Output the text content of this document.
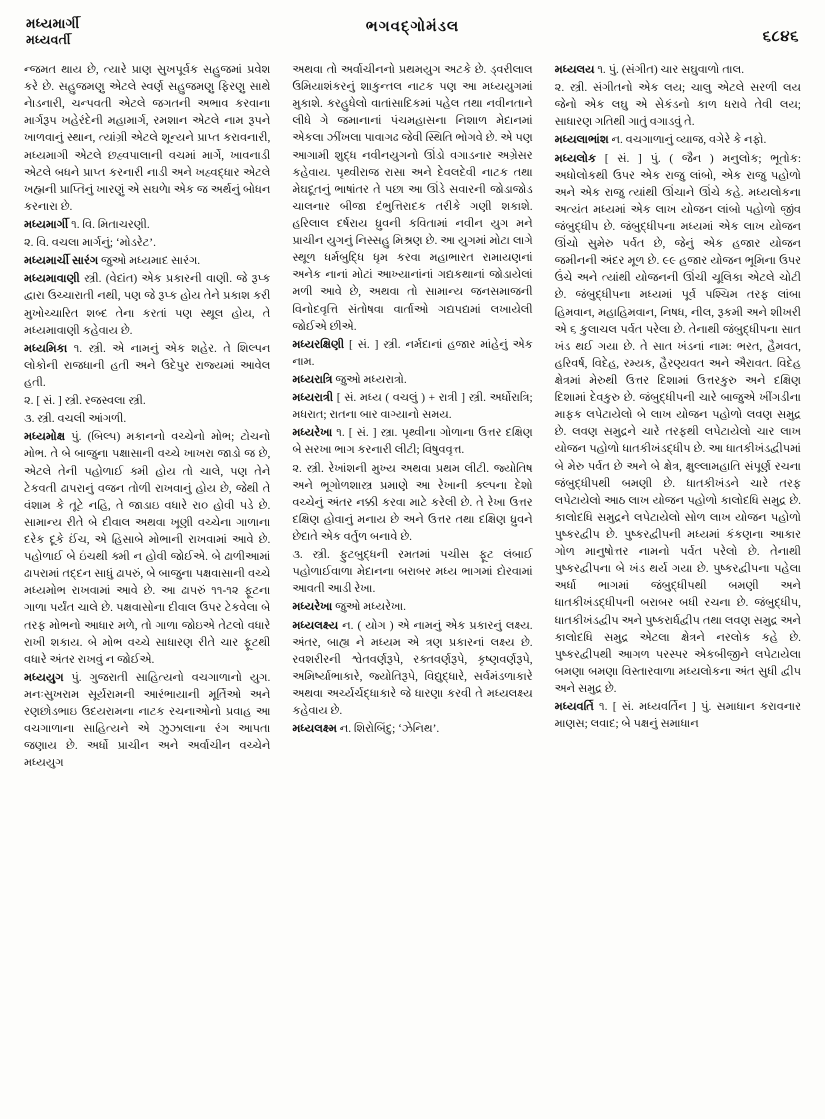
મધ્યમાર્ગી
મધ્યવર્તી
ભગવદ્ગોમંડલ
૬૮૪૬

ન્જમત થાય છે, ત્યારે પ્રાણ સુખપૂર્વક સહુજમાં પ્રવેશ કરે છે. સહુજમણુ એટલે સ્વર્ણ સહુજમણુ ફિરણુ સાથે નેાડનારી, ચન્પવતી એટલે જગતની અભાવ કરવાના માર્ગરૂપ ખહેરંદેની મહામાર્ગ, રમશાન એટલે નામ રૂપને ખાળવાનું સ્થાન, ત્યાંગ્રી એટલે શૂન્યને પ્રાપ્ત કરાવનારી, મધ્યમાગી એટલે છહ્વપાલાની વચમાં માર્ગે, ખાવનાડી એટલે બધને પ્રાપ્ત કરનારી નાડી અને ખહ્વદ્ધાર એટલે ખહ્મની પ્રાપ્તિનું ખારણું એ સઘળાે એક જ અર્થનું બોધન કરનારા છે.

મધ્યમાર્ગી ૧. વિ. મિતાચરણી.

૨. વિ. વચલા માર્ગનું; ‘મોડરેટ’.

મધ્યમાર્ચી સારંગ જુઓ મધ્યમાદ સારંગ.

મધ્યમાવાણી સ્ત્રી. (વેદાંત) એક પ્રકારની વાણી. જે રૂપ્ક દ્વારા ઉચ્ચારાતી નથી, પણ જે રૂપ્ક હોય તેને પ્રકાશ કરી મુખોચ્ચારિત શબ્દ તેના કરતાં પણ સ્થૂલ હોય, તે મધ્યમાવાણી કહેવાય છે.

મધ્યમિકા ૧. સ્ત્રી. એ નામનું એક શહેર. તે શિલ્પન લોકોની રાજધાની હતી અને ઉદેપુર રાજ્યમાં આવેલ હતી.

૨. [ સં. ] સ્ત્રી. રજસ્વલા સ્ત્રી.

૩. સ્ત્રી. વચલી આંગળી.

મધ્યમોક્ષ પું. (બિલ્પ) મકાનનો વચ્ચેનો મોભ; ટોચનો મોભ. તે બે બાજુના પક્ષાસાની વચ્ચે ખાખરા જાડો જ છે, એટલે તેની પહોળાઈ ક્મી હોય તો ચાલે, પણ તેને ટેકવતી ઢાપરાનું વજન તોળી રાખવાનું હોય છે, જેથી તે વંશામ કે તૂટે નહિ, તે જાડાઇ વધારે રા૦ હોવી પડે છે. સામાન્ય રીતે બે દીવાલ અથવા ખૂણી વચ્ચેના ગાળાના દરેક દૂકે ઈંચ, એ હિસાબે મોભાની રાખવામાં આવે છે. પહોળાઈ બે ઇંચથી ક્મી ન હોવી જોઈએ. બે ઢાળીઆમાં ઢાપરામાં તદ્દન સાધું ઢાપરું, બે બાજુના પક્ષવાસાની વચ્ચે મધ્યમોભ રાખવામાં આવે છે. આ ઢાપરું ૧૧-૧૨ ફૂટના ગાળા પર્યંત ચાલે છે. પક્ષવાસોના દીવાલ ઉપર ટેકવેલા બે તરફ મોભનો આધાર મળે, તો ગાળા જોઇએ તેટલો વધારે રાખી શકાય. બે મોભ વચ્ચે સાધારણ રીતે ચાર ફૂટથી વધારે અંતર રાખવું ન જોઈએ.

મધ્યયુગ પું. ગુજરાતી સાહિત્યનો વચગાળાનો યુગ. મનઃસુખરામ સૂર્યરામની આરંભાયાની મૂર્તિઓ અને રણછોડભાઇ ઉદયરામના નાટક રચનાઓનો પ્રવાહ આ વચગાળાના સાહિત્યને એ ઝુઝાલાના રંગ આપતા જણાય છે. અર્ધો પ્રાચીન અને અર્વાચીન વચ્ચેને મધ્યયુગ

અથવા તો અર્વાચીનનો પ્રથમયુગ અટકે છે. ડ્વરીલાલ ઉમિયાશંકરનું શાકુન્તલ નાટક પણ આ મધ્યયુગમાં મુકાશે. કરહુધેલો વાતાંસાદિકમાં પહેલ તથા નવીનતાને લીધે ગે જમાનાનાં પંચમહાસના નિશાળ મેદાનમાં એકલા ઝીંખલા પાવાગઢ જેવી સ્થિતિ ભોગવે છે. એ પણ આગામી શુદ્ધ નવીનયુગનો ઊંડો વગાડનાર અગ્રેસર કહેવાય. પૃથ્વીરાજ રાસા અને દેવલદેવી નાટક તથા મેઘદૂતનું ભાષાંતર તે પછા આ ઊંડે સવારની જોડાજોડ ચાલનાર બીજા દંભુત્તિરાદક તરીકે ગણી શકાશે. હરિલાલ દર્ષરાય ધ્રુવની કવિતામાં નવીન યુગ મને પ્રાચીન યુગનું નિસ્સહુ મિશ્રણ છે. આ યુગમાં મોટા લાગે સ્થૂળ ધર્મબુદ્ધિ ધૃમ કરવા મહાભારત રામાયણનાં અનેક નાનાં મોટાં આખ્યાનાંનાં ગદ્યકથાનાં જોડાયેલાં મળી આવે છે, અથવા તો સામાન્ય જનસમાજની વિનોદવૃત્તિ સંતોષવા વાર્તાઓ ગદ્યપદ્યમાં લખાયેલી જોઈએ છીએ.

મધ્યરક્ષિણી [ સં. ] સ્ત્રી. નર્મદાનાં હજાર માંહેનું એક નામ.

મધ્યરાત્રિ જુઓ મધ્યરાત્રો.

મધ્યરાત્રી [ સં. મધ્ય ( વચલું ) + રાત્રી ] સ્ત્રી. અર્ધોરાત્રિ; મધરાત; રાતના બાર વાગ્યાનો સમય.

મધ્યરેખા ૧. [ સં. ] સ્ત્રા. પૃથ્વીના ગોળાના ઉત્તર દક્ષિણ બે સરખા ભાગ કરનારી લીટી; વિષુવવૃત્ત.

૨. સ્ત્રી. રેખાંશની મુખ્ય અથવા પ્રથમ લીટી. જ્યોતિષ અને ભૂગોળશાસ્ત્ર પ્રમાણે આ રેખાની ક્લ્પના દેશો વચ્ચેનું અંતર નક્કી કરવા માટે કરેલી છે. તે રેખા ઉત્તર દક્ષિણ હોવાનું મનાય છે અને ઉત્તર તથા દક્ષિણ ધ્રુવને છેદાતે એક વર્તુળ બનાવે છે.

૩. સ્ત્રી. ફુટબુદ્ધની રમતમાં પચીસ ફૂટ લંબાઈ પહોળાઈવાળા મેદાનના બરાબર મધ્ય ભાગમાં દોરવામાં આવતી આડી રેખા.

મધ્યરેખા જુઓ મધ્યરેખા.

મધ્યલક્ષ્ય ન. ( યોગ ) એ નામનું એક પ્રકારનું લક્ષ્ય. અંતર, બાહ્ય ને મધ્યમ એ ત્રણ પ્રકારનાં લક્ષ્ય છે. રવશરીરની શ્વેતવર્ણરૂપે, રક્તવર્ણરૂપે, કૃષ્ણવર્ણરૂપે, અમિર્ષ્યાભાકારે, જ્યોતિરૂપે, વિદ્યુદ્ધારે, સર્વમંડળાકારે અથવા અર્ચ્યર્ચદ્ધાકારે જે ધારણા કરવી તે મધ્યલક્ષ્ય કહેવાય છે.

મધ્યલક્ષ્મ ન. શિરોબિંદુ; ‘ઝેનિથ’.

મધ્યલય ૧. પું. (સંગીત) ચાર સઘુવાળો તાલ.

૨. સ્ત્રી. સંગીતનો એક લય; ચાલુ એટલે સરળી લય જેનો એક લઘુ એ સેકંડનો કાળ ધરાવે તેવી લય; સાધારણ ગતિથી ગાતું વગાડવું તે.

મધ્યલાભાંશ ન. વચગાળાનું વ્યાજ, વગેરે કે નફો.

મધ્યલોક [ સં. ] પું. ( જૈન ) મનુલોક; ભૂતોક: અધોલોકથી ઉપર એક રાજુ લાંબો, એક રાજુ પહોળો અને એક રાજુ ત્યાંથી ઊંચાને ઊંચે કહે. મધ્યલોકના અત્યંત મધ્યમાં એક લાખ યોજન લાંબો પહોળો જીંવ જંબુદ્ધીપ છે. જંબુદ્ધીપના મધ્યમાં એક લાખ યોજન ઊંચો સુમેરુ પર્વત છે, જેનું એક હજાર યોજન જમીનની અંદર મૂળ છે. ૯૯ હજાર યોજન ભૂમિના ઉપર ઉંચે અને ત્યાંથી યોજનની ઊંચી ચૂલિકા એટલે ચોટી છે. જંબુદ્ધીપના મધ્યમાં પૂર્વ પશ્ચિમ તરફ લાંબા હિમવાન, મહાહિમવાન, નિષધ, નીલ, રૂકમી અને શીખરી એ ૬ કુલાચલ પર્વત પરેલા છે. તેનાથી જંબુદ્ધીપના સાત ખંડ થઈ ગયા છે. તે સાત ખંડનાં નામ: ભરત, હૈમવત, હરિવર્ષ, વિદેહ, રમ્યક, હૈરણ્યવત અને ઐરાવત. વિદેહ ક્ષેત્રમાં મેરુથી ઉત્તર દિશામાં ઉત્તરકુરુ અને દક્ષિણ દિશામાં દેવકુરુ છે. જંબુદ્ધીપની ચારે બાજુએ ખીંગડીના માફક લપેટાયેલો બે લાખ યોજન પહોળો લવણ સમુદ્ર છે. લવણ સમુદ્રને ચારે તરફથી લપેટાયેલો ચાર લાખ યોજન પહોળો ધાતકીખંડદ્ધીપ છે. આ ધાતકીખંડદ્વીપમાં બે મેરુ પર્વત છે અને બે ક્ષેત્ર, ક્ષુલ્લામહાતિ સંપૂર્ણ રચના જંબુદ્ધીપથી બમણી છે. ધાતકીખંડને ચારે તરફ લપેટાયેલો આઠ લાખ યોજન પહોળો કાલોદધિ સમુદ્ર છે. કાલોદધિ સમુદ્રને લપેટાયેલો સોળ લાખ યોજન પહોળો પુષ્કરદ્વીપ છે. પુષ્કરદ્વીપની મધ્યમાં કંકણના આકાર ગોળ માનુષોત્તર નામનો પર્વત પરેલો છે. તેનાથી પુષ્કરદ્વીપના બે ખંડ થર્ય ગયા છે. પુષ્કરદ્વીપના પહેલા અર્ધા ભાગમાં જંબુદ્ધીપથી બમણી અને ધાતકીખંડદ્ધીપની બરાબર બધી રચના છે. જંબુદ્ધીપ, ધાતકીખંડદ્વીપ અને પુષ્કરાર્ધદ્વીપ તથા લવણ સમુદ્ર અને કાલોદધિ સમુદ્ર એટલા ક્ષેત્રને નરલોક કહે છે. પુષ્કરદ્વીપથી આગળ પરસ્પર એકબીજીને લપેટાયેલા બમણા બમણા વિસ્તારવાળા મધ્યલોકના અંત સુધી દ્વીપ અને સમુદ્ર છે.

મધ્યવર્તિ ૧. [ સં. મધ્યવર્તિન ] પું. સમાધાન કરાવનાર માણસ; લવાદ; બે પક્ષનું સમાધાન
